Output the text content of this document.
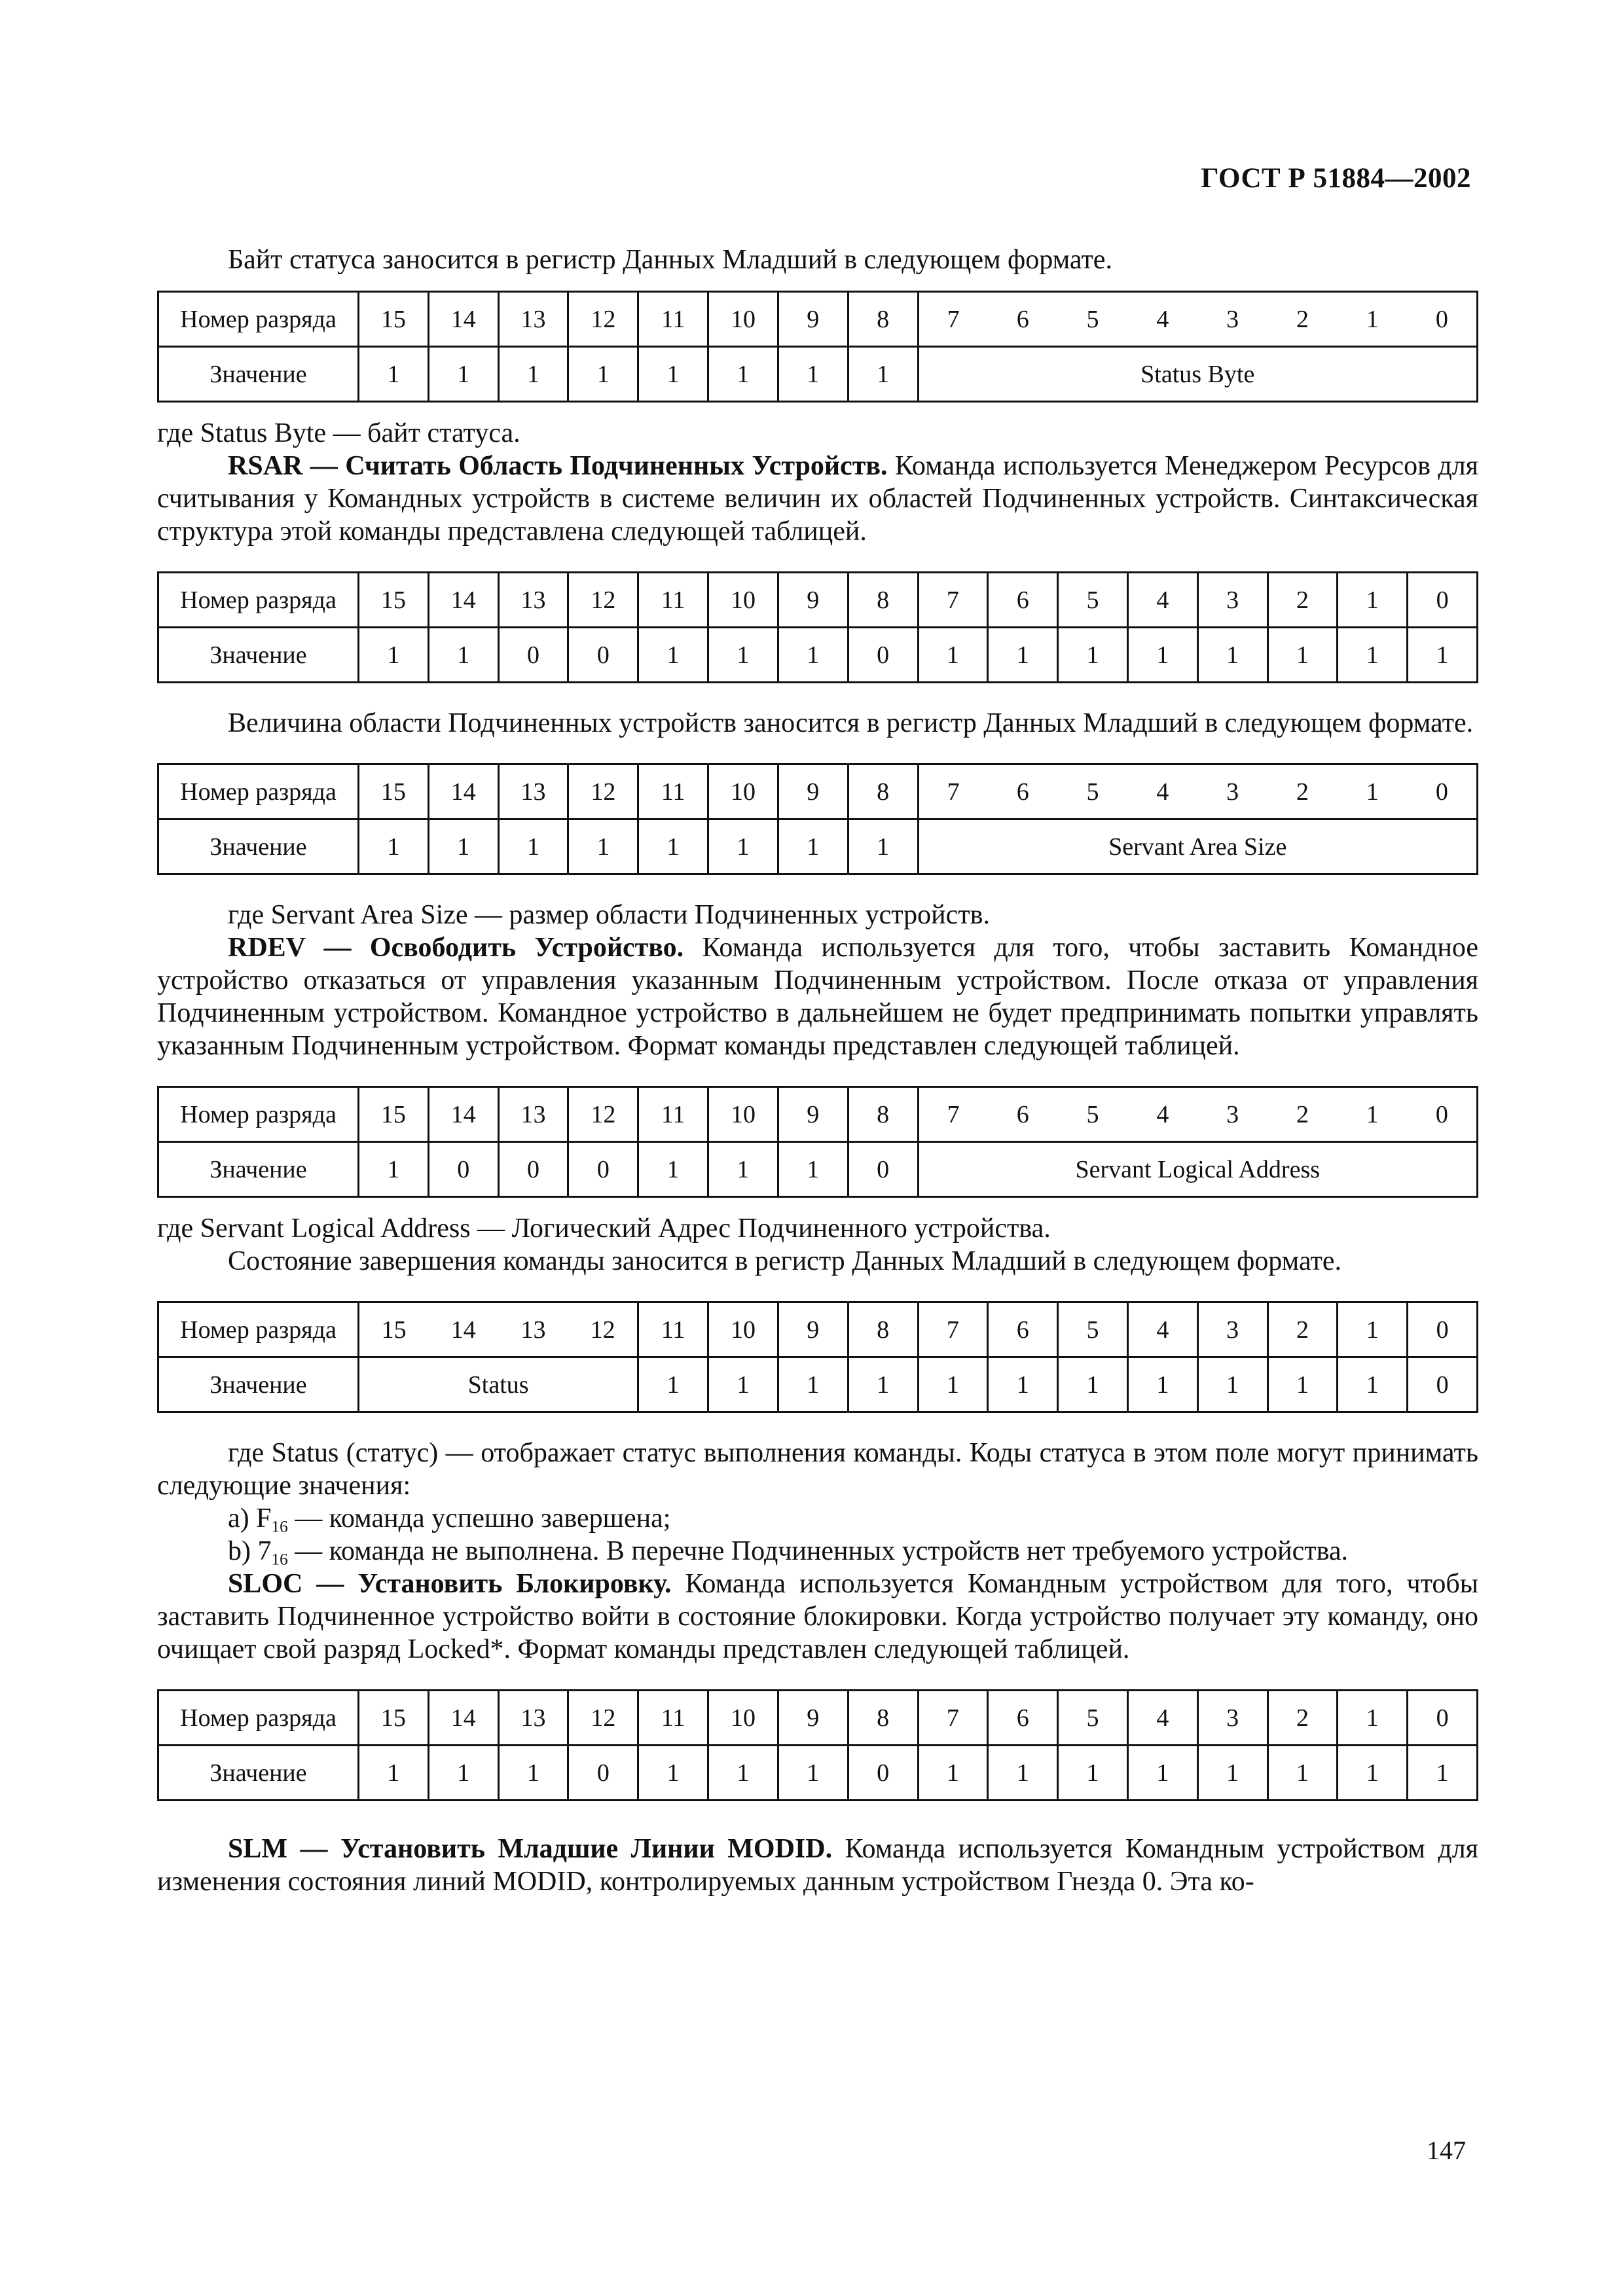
ГОСТ Р 51884—2002

Байт статуса заносится в регистр Данных Младший в следующем формате.

Номер разряда	15	14	13	12	11	10	9	8	7	6	5	4	3	2	1	0
Значение	1	1	1	1	1	1	1	1	Status Byte							

где Status Byte — байт статуса.

RSAR — Считать Область Подчиненных Устройств. Команда используется Менеджером Ресурсов для считывания у Командных устройств в системе величин их областей Подчиненных устройств. Синтаксическая структура этой команды представлена следующей таблицей.

Номер разряда	15	14	13	12	11	10	9	8	7	6	5	4	3	2	1	0
Значение	1	1	0	0	1	1	1	0	1	1	1	1	1	1	1	1

Величина области Подчиненных устройств заносится в регистр Данных Младший в следующем формате.

Номер разряда	15	14	13	12	11	10	9	8	7	6	5	4	3	2	1	0
Значение	1	1	1	1	1	1	1	1	Servant Area Size							

где Servant Area Size — размер области Подчиненных устройств.

RDEV — Освободить Устройство. Команда используется для того, чтобы заставить Командное устройство отказаться от управления указанным Подчиненным устройством. После отказа от управления Подчиненным устройством. Командное устройство в дальнейшем не будет предпринимать попытки управлять указанным Подчиненным устройством. Формат команды представлен следующей таблицей.

Номер разряда	15	14	13	12	11	10	9	8	7	6	5	4	3	2	1	0
Значение	1	0	0	0	1	1	1	0	Servant Logical Address							

где Servant Logical Address — Логический Адрес Подчиненного устройства.

Состояние завершения команды заносится в регистр Данных Младший в следующем формате.

Номер разряда	15	14	13	12	11	10	9	8	7	6	5	4	3	2	1	0
Значение	Status				1	1	1	1	1	1	1	1	1	1	1	0

где Status (статус) — отображает статус выполнения команды. Коды статуса в этом поле могут принимать следующие значения:

a) $F_{16}$ — команда успешно завершена;

b) $7_{16}$ — команда не выполнена. В перечне Подчиненных устройств нет требуемого устройства.

SLOC — Установить Блокировку. Команда используется Командным устройством для того, чтобы заставить Подчиненное устройство войти в состояние блокировки. Когда устройство получает эту команду, оно очищает свой разряд Locked*. Формат команды представлен следующей таблицей.

Номер разряда	15	14	13	12	11	10	9	8	7	6	5	4	3	2	1	0
Значение	1	1	1	0	1	1	1	0	1	1	1	1	1	1	1	1

SLM — Установить Младшие Линии MODID. Команда используется Командным устройством для изменения состояния линий MODID, контролируемых данным устройством Гнезда 0. Эта ко-

147
